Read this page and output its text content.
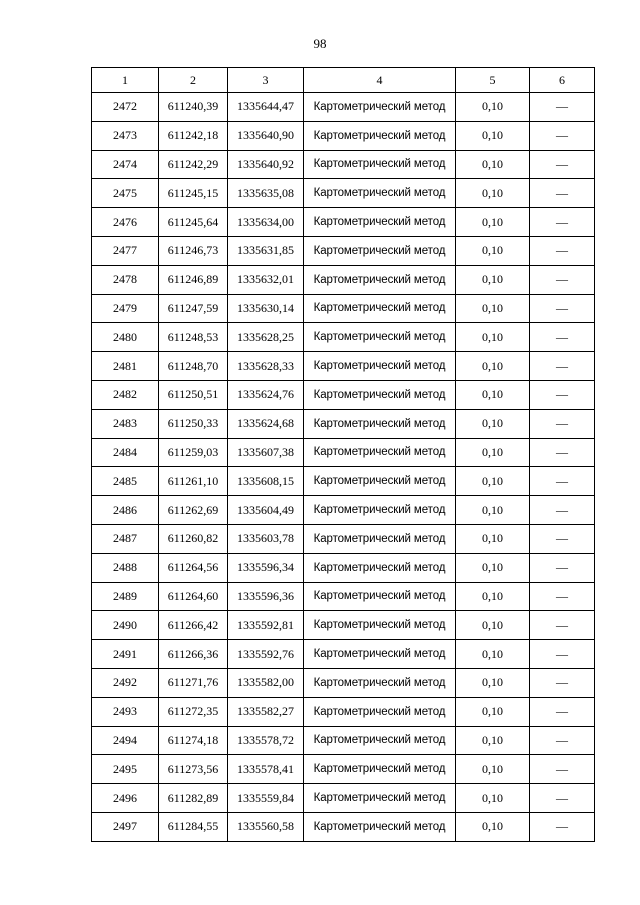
98
1	2	3	4	5	6
2472	611240,39	1335644,47	Картометрический метод	0,10	—
2473	611242,18	1335640,90	Картометрический метод	0,10	—
2474	611242,29	1335640,92	Картометрический метод	0,10	—
2475	611245,15	1335635,08	Картометрический метод	0,10	—
2476	611245,64	1335634,00	Картометрический метод	0,10	—
2477	611246,73	1335631,85	Картометрический метод	0,10	—
2478	611246,89	1335632,01	Картометрический метод	0,10	—
2479	611247,59	1335630,14	Картометрический метод	0,10	—
2480	611248,53	1335628,25	Картометрический метод	0,10	—
2481	611248,70	1335628,33	Картометрический метод	0,10	—
2482	611250,51	1335624,76	Картометрический метод	0,10	—
2483	611250,33	1335624,68	Картометрический метод	0,10	—
2484	611259,03	1335607,38	Картометрический метод	0,10	—
2485	611261,10	1335608,15	Картометрический метод	0,10	—
2486	611262,69	1335604,49	Картометрический метод	0,10	—
2487	611260,82	1335603,78	Картометрический метод	0,10	—
2488	611264,56	1335596,34	Картометрический метод	0,10	—
2489	611264,60	1335596,36	Картометрический метод	0,10	—
2490	611266,42	1335592,81	Картометрический метод	0,10	—
2491	611266,36	1335592,76	Картометрический метод	0,10	—
2492	611271,76	1335582,00	Картометрический метод	0,10	—
2493	611272,35	1335582,27	Картометрический метод	0,10	—
2494	611274,18	1335578,72	Картометрический метод	0,10	—
2495	611273,56	1335578,41	Картометрический метод	0,10	—
2496	611282,89	1335559,84	Картометрический метод	0,10	—
2497	611284,55	1335560,58	Картометрический метод	0,10	—
